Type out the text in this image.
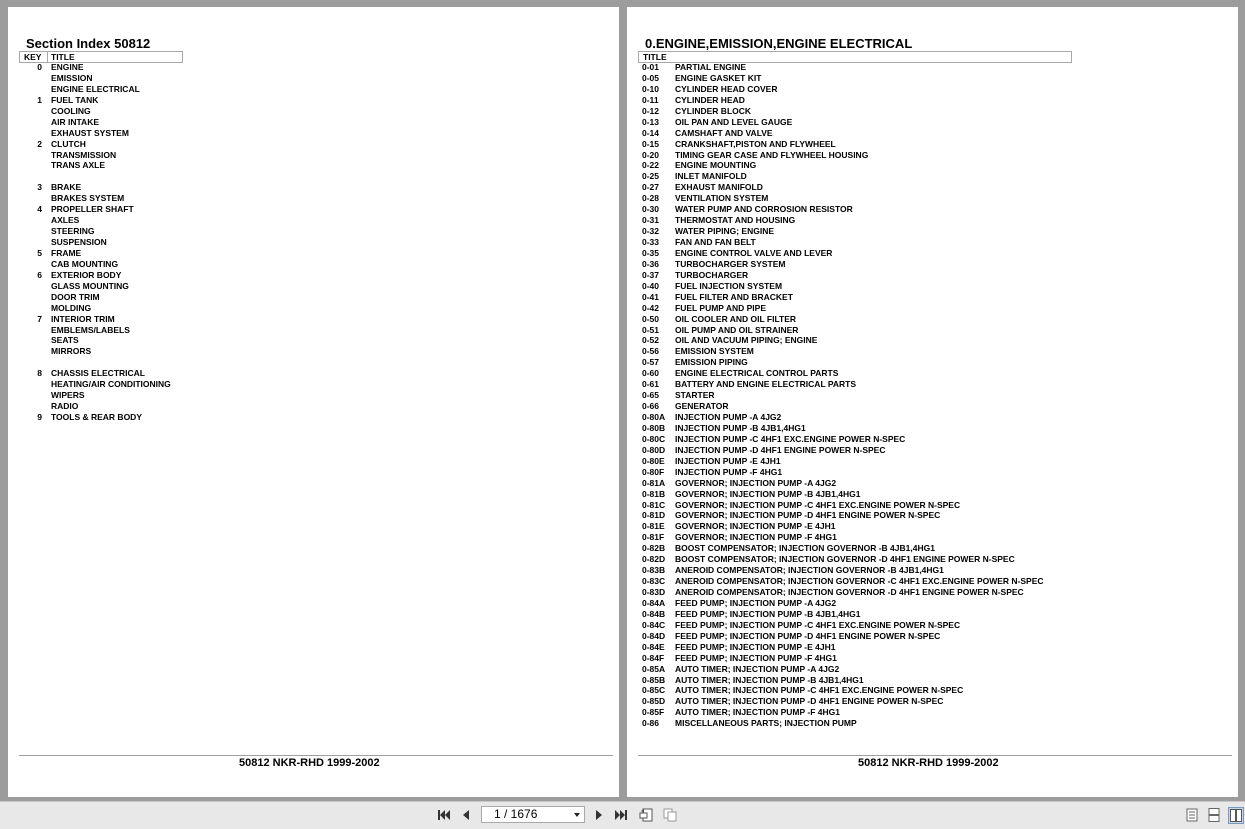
Section Index 50812
KEY TITLE
0 ENGINE
EMISSION
ENGINE ELECTRICAL
1 FUEL TANK
COOLING
AIR INTAKE
EXHAUST SYSTEM
2 CLUTCH
TRANSMISSION
TRANS AXLE
3 BRAKE
BRAKES SYSTEM
4 PROPELLER SHAFT
AXLES
STEERING
SUSPENSION
5 FRAME
CAB MOUNTING
6 EXTERIOR BODY
GLASS MOUNTING
DOOR TRIM
MOLDING
7 INTERIOR TRIM
EMBLEMS/LABELS
SEATS
MIRRORS
8 CHASSIS ELECTRICAL
HEATING/AIR CONDITIONING
WIPERS
RADIO
9 TOOLS & REAR BODY
50812 NKR-RHD 1999-2002
0.ENGINE,EMISSION,ENGINE ELECTRICAL
TITLE
0-01 PARTIAL ENGINE
0-05 ENGINE GASKET KIT
0-10 CYLINDER HEAD COVER
0-11 CYLINDER HEAD
0-12 CYLINDER BLOCK
0-13 OIL PAN AND LEVEL GAUGE
0-14 CAMSHAFT AND VALVE
0-15 CRANKSHAFT,PISTON AND FLYWHEEL
0-20 TIMING GEAR CASE AND FLYWHEEL HOUSING
0-22 ENGINE MOUNTING
0-25 INLET MANIFOLD
0-27 EXHAUST MANIFOLD
0-28 VENTILATION SYSTEM
0-30 WATER PUMP AND CORROSION RESISTOR
0-31 THERMOSTAT AND HOUSING
0-32 WATER PIPING; ENGINE
0-33 FAN AND FAN BELT
0-35 ENGINE CONTROL VALVE AND LEVER
0-36 TURBOCHARGER SYSTEM
0-37 TURBOCHARGER
0-40 FUEL INJECTION SYSTEM
0-41 FUEL FILTER AND BRACKET
0-42 FUEL PUMP AND PIPE
0-50 OIL COOLER AND OIL FILTER
0-51 OIL PUMP AND OIL STRAINER
0-52 OIL AND VACUUM PIPING; ENGINE
0-56 EMISSION SYSTEM
0-57 EMISSION PIPING
0-60 ENGINE ELECTRICAL CONTROL PARTS
0-61 BATTERY AND ENGINE ELECTRICAL PARTS
0-65 STARTER
0-66 GENERATOR
0-80A INJECTION PUMP -A 4JG2
0-80B INJECTION PUMP -B 4JB1,4HG1
0-80C INJECTION PUMP -C 4HF1 EXC.ENGINE POWER N-SPEC
0-80D INJECTION PUMP -D 4HF1 ENGINE POWER N-SPEC
0-80E INJECTION PUMP -E 4JH1
0-80F INJECTION PUMP -F 4HG1
0-81A GOVERNOR; INJECTION PUMP -A 4JG2
0-81B GOVERNOR; INJECTION PUMP -B 4JB1,4HG1
0-81C GOVERNOR; INJECTION PUMP -C 4HF1 EXC.ENGINE POWER N-SPEC
0-81D GOVERNOR; INJECTION PUMP -D 4HF1 ENGINE POWER N-SPEC
0-81E GOVERNOR; INJECTION PUMP -E 4JH1
0-81F GOVERNOR; INJECTION PUMP -F 4HG1
0-82B BOOST COMPENSATOR; INJECTION GOVERNOR -B 4JB1,4HG1
0-82D BOOST COMPENSATOR; INJECTION GOVERNOR -D 4HF1 ENGINE POWER N-SPEC
0-83B ANEROID COMPENSATOR; INJECTION GOVERNOR -B 4JB1,4HG1
0-83C ANEROID COMPENSATOR; INJECTION GOVERNOR -C 4HF1 EXC.ENGINE POWER N-SPEC
0-83D ANEROID COMPENSATOR; INJECTION GOVERNOR -D 4HF1 ENGINE POWER N-SPEC
0-84A FEED PUMP; INJECTION PUMP -A 4JG2
0-84B FEED PUMP; INJECTION PUMP -B 4JB1,4HG1
0-84C FEED PUMP; INJECTION PUMP -C 4HF1 EXC.ENGINE POWER N-SPEC
0-84D FEED PUMP; INJECTION PUMP -D 4HF1 ENGINE POWER N-SPEC
0-84E FEED PUMP; INJECTION PUMP -E 4JH1
0-84F FEED PUMP; INJECTION PUMP -F 4HG1
0-85A AUTO TIMER; INJECTION PUMP -A 4JG2
0-85B AUTO TIMER; INJECTION PUMP -B 4JB1,4HG1
0-85C AUTO TIMER; INJECTION PUMP -C 4HF1 EXC.ENGINE POWER N-SPEC
0-85D AUTO TIMER; INJECTION PUMP -D 4HF1 ENGINE POWER N-SPEC
0-85F AUTO TIMER; INJECTION PUMP -F 4HG1
0-86 MISCELLANEOUS PARTS; INJECTION PUMP
50812 NKR-RHD 1999-2002
1 / 1676
